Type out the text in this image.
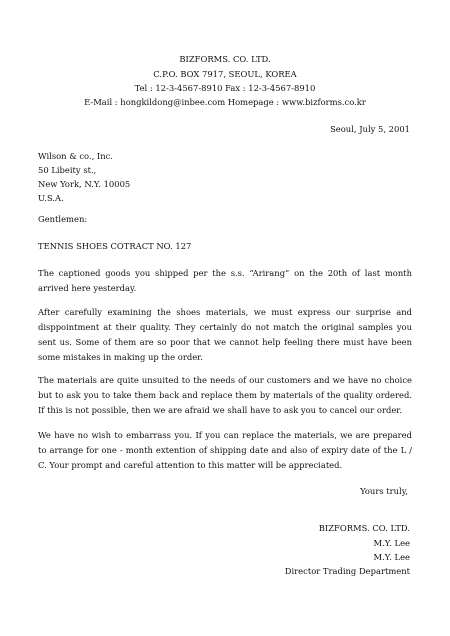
BIZFORMS. CO. LTD.
C.P.O. BOX 7917, SEOUL, KOREA
Tel : 12-3-4567-8910 Fax : 12-3-4567-8910
E-Mail : hongkildong@inbee.com Homepage : www.bizforms.co.kr
Seoul, July 5, 2001
Wilson & co., Inc.
50 Libeity st.,
New York, N.Y. 10005
U.S.A.
Gentlemen:
TENNIS SHOES COTRACT NO. 127
The captioned goods you shipped per the s.s. “Arirang” on the 20th of last month arrived here yesterday.
After carefully examining the shoes materials, we must express our surprise and disppointment at their quality. They certainly do not match the original samples you sent us. Some of them are so poor that we cannot help feeling there must have been some mistakes in making up the order.
The materials are quite unsuited to the needs of our customers and we have no choice but to ask you to take them back and replace them by materials of the quality ordered. If this is not possible, then we are afraid we shall have to ask you to cancel our order.
We have no wish to embarrass you. If you can replace the materials, we are prepared to arrange for one - month extention of shipping date and also of expiry date of the L / C. Your prompt and careful attention to this matter will be appreciated.
Yours truly,
BIZFORMS. CO. LTD.
M.Y. Lee
M.Y. Lee
Director Trading Department
